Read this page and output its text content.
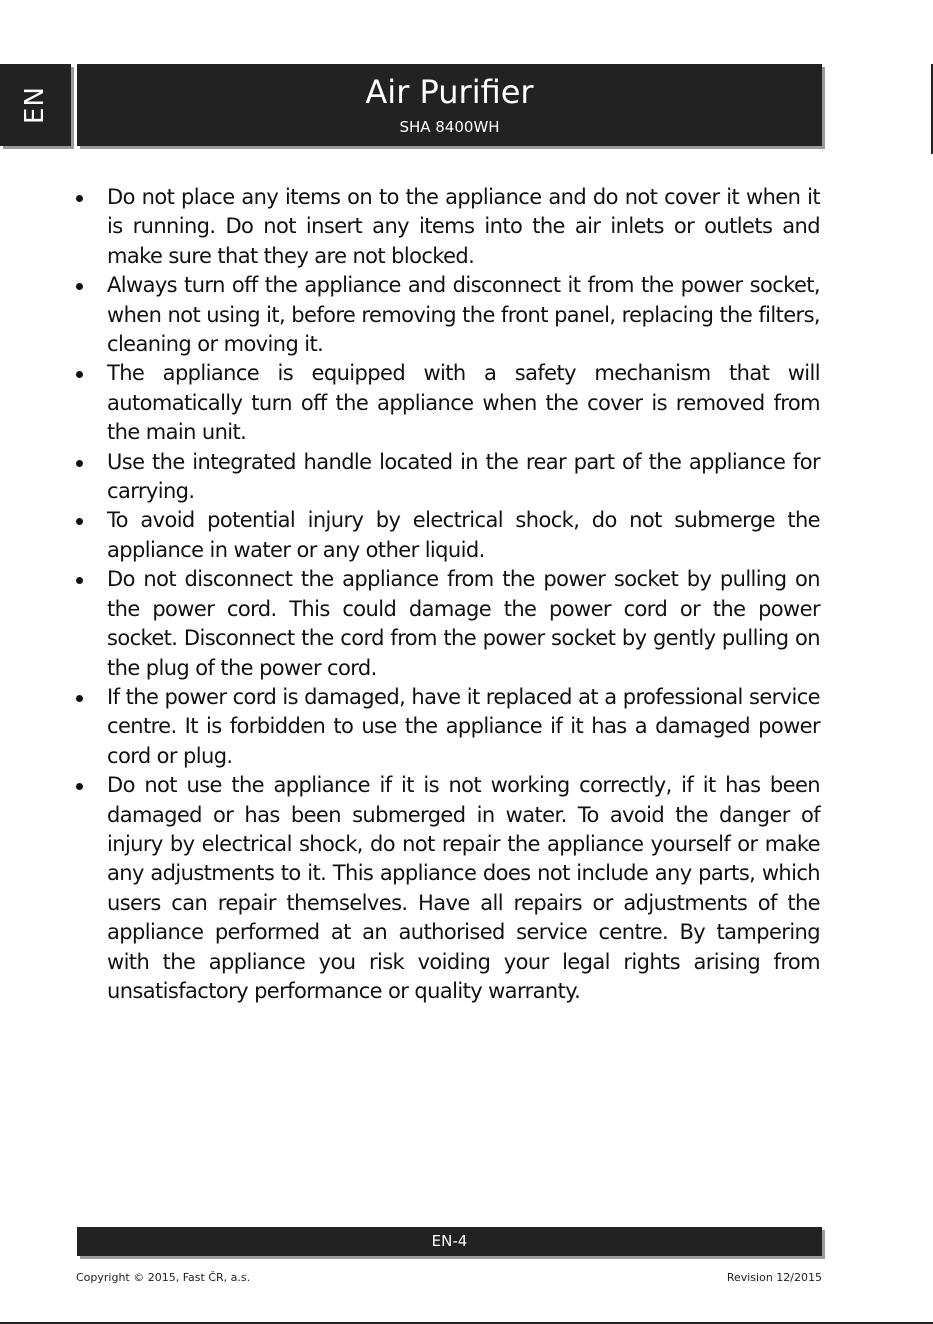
EN	Air Purifier
SHA 8400WH
Do not place any items on to the appliance and do not cover it when it is running. Do not insert any items into the air inlets or outlets and make sure that they are not blocked.
Always turn off the appliance and disconnect it from the power socket, when not using it, before removing the front panel, replacing the filters, cleaning or moving it.
The appliance is equipped with a safety mechanism that will automatically turn off the appliance when the cover is removed from the main unit.
Use the integrated handle located in the rear part of the appliance for carrying.
To avoid potential injury by electrical shock, do not submerge the appliance in water or any other liquid.
Do not disconnect the appliance from the power socket by pulling on the power cord. This could damage the power cord or the power socket. Disconnect the cord from the power socket by gently pulling on the plug of the power cord.
If the power cord is damaged, have it replaced at a professional service centre. It is forbidden to use the appliance if it has a damaged power cord or plug.
Do not use the appliance if it is not working correctly, if it has been damaged or has been submerged in water. To avoid the danger of injury by electrical shock, do not repair the appliance yourself or make any adjustments to it. This appliance does not include any parts, which users can repair themselves. Have all repairs or adjustments of the appliance performed at an authorised service centre. By tampering with the appliance you risk voiding your legal rights arising from unsatisfactory performance or quality warranty.
EN-4
Copyright © 2015, Fast ČR, a.s.	Revision 12/2015
